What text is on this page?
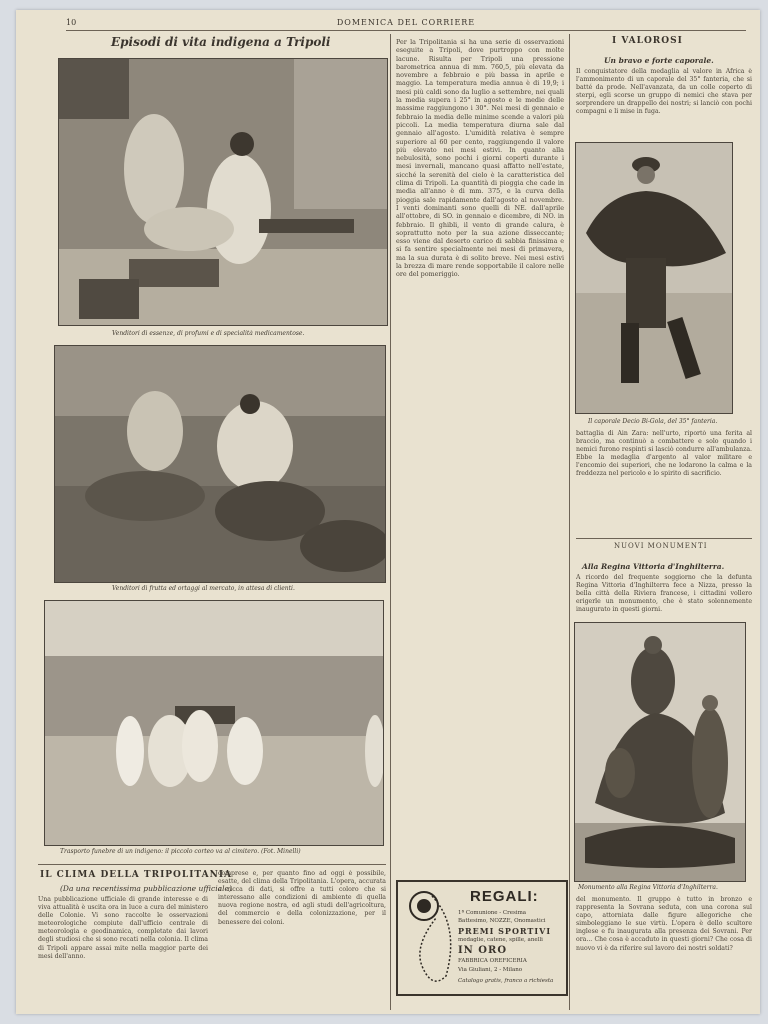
10	DOMENICA DEL CORRIERE
Episodi di vita indigena a Tripoli
Venditori di essenze, di profumi e di specialità medicamentose.
Venditori di frutta ed ortaggi al mercato, in attesa di clienti.
Trasporto funebre di un indigeno: il piccolo corteo va al cimitero. (Fot. Minelli)
IL CLIMA DELLA TRIPOLITANIA
(Da una recentissima pubblicazione ufficiale)
Una pubblicazione ufficiale di grande interesse e di viva attualità è uscita ora in luce a cura del ministero delle Colonie. Vi sono raccolte le osservazioni meteorologiche compiute dall'ufficio centrale di meteorologia e geodinamica, completate dai lavori degli studiosi che si sono recati nella colonia. Il clima di Tripoli appare assai mite nella maggior parte dei mesi dell'anno.
comprese e, per quanto fino ad oggi è possibile, esatte, del clima della Tripolitania. L'opera, accurata e ricca di dati, si offre a tutti coloro che si interessano alle condizioni di ambiente di quella nuova regione nostra, ed agli studi dell'agricoltura, del commercio e della colonizzazione, per il benessere dei coloni.
Per la Tripolitania si ha una serie di osservazioni eseguite a Tripoli, dove purtroppo con molte lacune. Risulta per Tripoli una pressione barometrica annua di mm. 760,5, più elevata da novembre a febbraio e più bassa in aprile e maggio. La temperatura media annua è di 19,9; i mesi più caldi sono da luglio a settembre, nei quali la media supera i 25° in agosto e le medie delle massime raggiungono i 30°. Nei mesi di gennaio e febbraio la media delle minime scende a valori più piccoli. La media temperatura diurna sale dal gennaio all'agosto. L'umidità relativa è sempre superiore al 60 per cento, raggiungendo il valore più elevato nei mesi estivi. In quanto alla nebulosità, sono pochi i giorni coperti durante i mesi invernali, mancano quasi affatto nell'estate, sicché la serenità del cielo è la caratteristica del clima di Tripoli. La quantità di pioggia che cade in media all'anno è di mm. 375, e la curva della pioggia sale rapidamente dall'agosto al novembre. I venti dominanti sono quelli di NE. dall'aprile all'ottobre, di SO. in gennaio e dicembre, di NO. in febbraio. Il ghibli, il vento di grande calura, è soprattutto noto per la sua azione disseccante; esso viene dal deserto carico di sabbia finissima e si fa sentire specialmente nei mesi di primavera, ma la sua durata è di solito breve. Nei mesi estivi la brezza di mare rende sopportabile il calore nelle ore del pomeriggio.
REGALI:
1ª Comunione - Cresima
Battesimo, NOZZE, Onomastici
PREMI SPORTIVI
medaglie, catene, spille, anelli
IN ORO
FABBRICA OREFICERIA
Via Giuliani, 2 - Milano
Catalogo gratis, franco a richiesta
I VALOROSI
Un bravo e forte caporale.
Il conquistatore della medaglia al valore in Africa è l'ammonimento di un caporale del 35° fanteria, che si batté da prode. Nell'avanzata, da un colle coperto di sterpi, egli scorse un gruppo di nemici che stava per sorprendere un drappello dei nostri; si lanciò con pochi compagni e li mise in fuga.
Il caporale Decio Bi-Gola, del 35° fanteria.
battaglia di Ain Zara: nell'urto, riportò una ferita al braccio, ma continuò a combattere e solo quando i nemici furono respinti si lasciò condurre all'ambulanza. Ebbe la medaglia d'argento al valor militare e l'encomio dei superiori, che ne lodarono la calma e la freddezza nel pericolo e lo spirito di sacrificio.
NUOVI MONUMENTI
Alla Regina Vittoria d'Inghilterra.
A ricordo del frequente soggiorno che la defunta Regina Vittoria d'Inghilterra fece a Nizza, presso la bella città della Riviera francese, i cittadini vollero erigerle un monumento, che è stato solennemente inaugurato in questi giorni.
Monumento alla Regina Vittoria d'Inghilterra.
del monumento. Il gruppo è tutto in bronzo e rappresenta la Sovrana seduta, con una corona sul capo, attorniata dalle figure allegoriche che simboleggiano le sue virtù. L'opera è dello scultore inglese e fu inaugurata alla presenza dei Sovrani. Per ora... Che cosa è accaduto in questi giorni? Che cosa di nuovo vi è da riferire sul lavoro dei nostri soldati?
